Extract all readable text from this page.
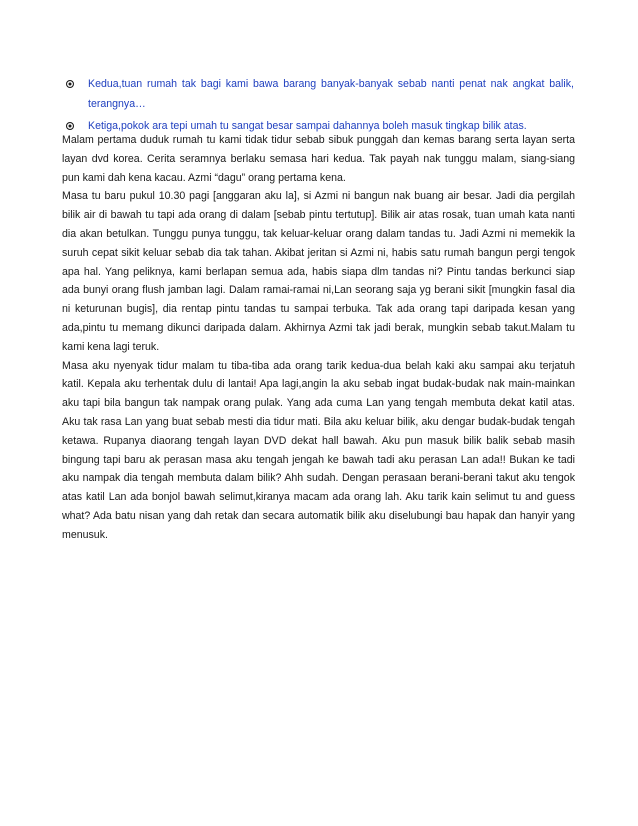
Kedua,tuan rumah tak bagi kami bawa barang banyak-banyak sebab nanti penat nak angkat balik, terangnya…
Ketiga,pokok ara tepi umah tu sangat besar sampai dahannya boleh masuk tingkap bilik atas.

Malam pertama duduk rumah tu kami tidak tidur sebab sibuk punggah dan kemas barang serta layan serta layan dvd korea. Cerita seramnya berlaku semasa hari kedua. Tak payah nak tunggu malam, siang-siang pun kami dah kena kacau. Azmi “dagu” orang pertama kena.

Masa tu baru pukul 10.30 pagi [anggaran aku la], si Azmi ni bangun nak buang air besar. Jadi dia pergilah bilik air di bawah tu tapi ada orang di dalam [sebab pintu tertutup]. Bilik air atas rosak, tuan umah kata nanti dia akan betulkan. Tunggu punya tunggu, tak keluar-keluar orang dalam tandas tu. Jadi Azmi ni memekik la suruh cepat sikit keluar sebab dia tak tahan. Akibat jeritan si Azmi ni, habis satu rumah bangun pergi tengok apa hal. Yang peliknya, kami berlapan semua ada, habis siapa dlm tandas ni? Pintu tandas berkunci siap ada bunyi orang flush jamban lagi. Dalam ramai-ramai ni,Lan seorang saja yg berani sikit [mungkin fasal dia ni keturunan bugis], dia rentap pintu tandas tu sampai terbuka. Tak ada orang tapi daripada kesan yang ada,pintu tu memang dikunci daripada dalam. Akhirnya Azmi tak jadi berak, mungkin sebab takut.Malam tu kami kena lagi teruk.

Masa aku nyenyak tidur malam tu tiba-tiba ada orang tarik kedua-dua belah kaki aku sampai aku terjatuh katil. Kepala aku terhentak dulu di lantai! Apa lagi,angin la aku sebab ingat budak-budak nak main-mainkan aku tapi bila bangun tak nampak orang pulak. Yang ada cuma Lan yang tengah membuta dekat katil atas. Aku tak rasa Lan yang buat sebab mesti dia tidur mati. Bila aku keluar bilik, aku dengar budak-budak tengah ketawa. Rupanya diaorang tengah layan DVD dekat hall bawah. Aku pun masuk bilik balik sebab masih bingung tapi baru ak perasan masa aku tengah jengah ke bawah tadi aku perasan Lan ada!! Bukan ke tadi aku nampak dia tengah membuta dalam bilik? Ahh sudah. Dengan perasaan berani-berani takut aku tengok atas katil Lan ada bonjol bawah selimut,kiranya macam ada orang lah. Aku tarik kain selimut tu and guess what? Ada batu nisan yang dah retak dan secara automatik bilik aku diselubungi bau hapak dan hanyir yang menusuk.
